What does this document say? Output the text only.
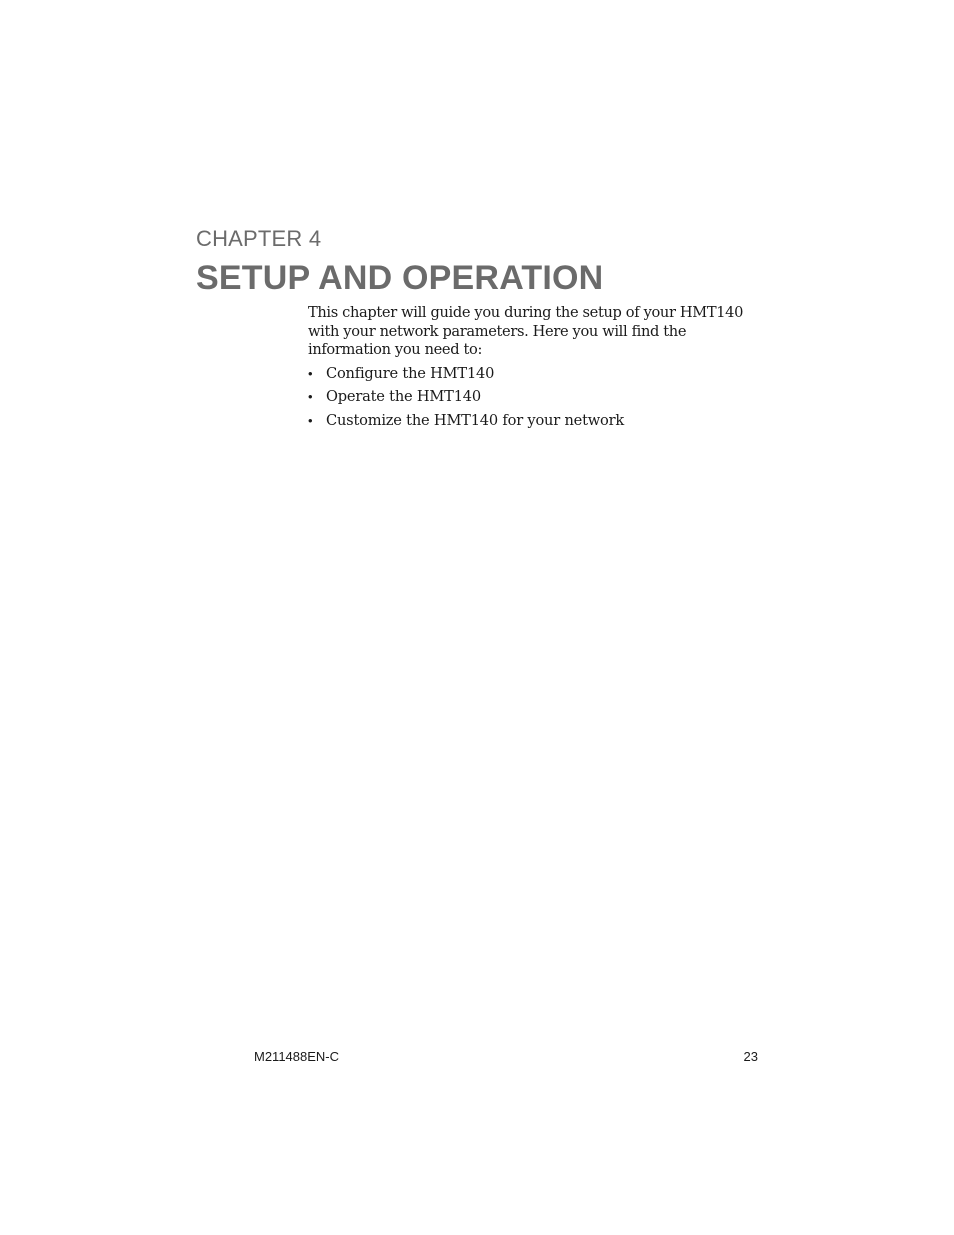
CHAPTER 4
SETUP AND OPERATION

This chapter will guide you during the setup of your HMT140 with your network parameters. Here you will find the information you need to:

• Configure the HMT140
• Operate the HMT140
• Customize the HMT140 for your network
M211488EN-C	23
